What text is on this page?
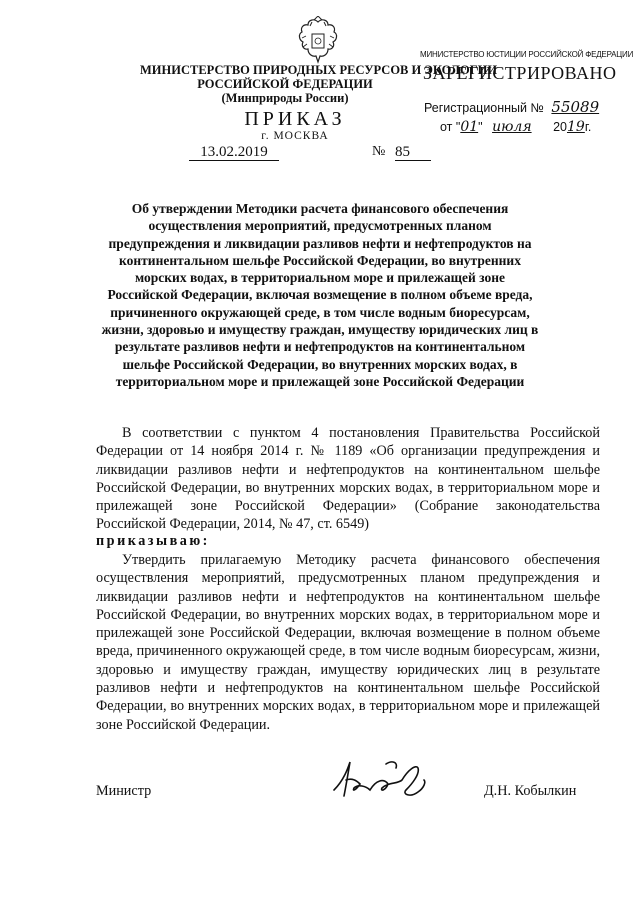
МИНИСТЕРСТВО ПРИРОДНЫХ РЕСУРСОВ И ЭКОЛОГИИ
РОССИЙСКОЙ ФЕДЕРАЦИИ
(Минприроды России)
ПРИКАЗ
г. МОСКВА
13.02.2019	№ 85
МИНИСТЕРСТВО ЮСТИЦИИ РОССИЙСКОЙ ФЕДЕРАЦИИ
ЗАРЕГИСТРИРОВАНО
Регистрационный № 55089
от "01" июля 2019г.
Об утверждении Методики расчета финансового обеспечения осуществления мероприятий, предусмотренных планом предупреждения и ликвидации разливов нефти и нефтепродуктов на континентальном шельфе Российской Федерации, во внутренних морских водах, в территориальном море и прилежащей зоне Российской Федерации, включая возмещение в полном объеме вреда, причиненного окружающей среде, в том числе водным биоресурсам, жизни, здоровью и имуществу граждан, имуществу юридических лиц в результате разливов нефти и нефтепродуктов на континентальном шельфе Российской Федерации, во внутренних морских водах, в территориальном море и прилежащей зоне Российской Федерации
В соответствии с пунктом 4 постановления Правительства Российской Федерации от 14 ноября 2014 г. № 1189 «Об организации предупреждения и ликвидации разливов нефти и нефтепродуктов на континентальном шельфе Российской Федерации, во внутренних морских водах, в территориальном море и прилежащей зоне Российской Федерации» (Собрание законодательства Российской Федерации, 2014, № 47, ст. 6549)
приказываю:
Утвердить прилагаемую Методику расчета финансового обеспечения осуществления мероприятий, предусмотренных планом предупреждения и ликвидации разливов нефти и нефтепродуктов на континентальном шельфе Российской Федерации, во внутренних морских водах, в территориальном море и прилежащей зоне Российской Федерации, включая возмещение в полном объеме вреда, причиненного окружающей среде, в том числе водным биоресурсам, жизни, здоровью и имуществу граждан, имуществу юридических лиц в результате разливов нефти и нефтепродуктов на континентальном шельфе Российской Федерации, во внутренних морских водах, в территориальном море и прилежащей зоне Российской Федерации.
Министр	Д.Н. Кобылкин
